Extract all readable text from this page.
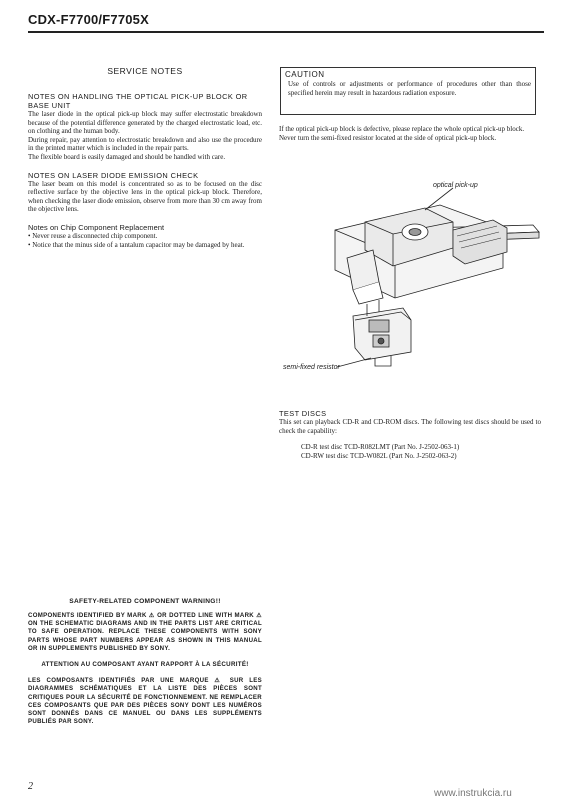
CDX-F7700/F7705X

SERVICE NOTES

NOTES ON HANDLING THE OPTICAL PICK-UP BLOCK OR BASE UNIT

The laser diode in the optical pick-up block may suffer electrostatic breakdown because of the potential difference generated by the charged electrostatic load, etc. on clothing and the human body.

During repair, pay attention to electrostatic breakdown and also use the procedure in the printed matter which is included in the repair parts.

The flexible board is easily damaged and should be handled with care.

NOTES ON LASER DIODE EMISSION CHECK

The laser beam on this model is concentrated so as to be focused on the disc reflective surface by the objective lens in the optical pick-up block. Therefore, when checking the laser diode emission, observe from more than 30 cm away from the objective lens.

Notes on Chip Component Replacement

• Never reuse a disconnected chip component.

• Notice that the minus side of a tantalum capacitor may be damaged by heat.

CAUTION

Use of controls or adjustments or performance of procedures other than those specified herein may result in hazardous radiation exposure.

If the optical pick-up block is defective, please replace the whole optical pick-up block.

Never turn the semi-fixed resistor located at the side of optical pick-up block.

optical pick-up
semi-fixed resistor

TEST DISCS

This set can playback CD-R and CD-ROM discs. The following test discs should be used to check the capability:

CD-R test disc TCD-R082LMT (Part No. J-2502-063-1)

CD-RW test disc TCD-W082L (Part No. J-2502-063-2)

SAFETY-RELATED COMPONENT WARNING!!

COMPONENTS IDENTIFIED BY MARK ⚠ OR DOTTED LINE WITH MARK ⚠ ON THE SCHEMATIC DIAGRAMS AND IN THE PARTS LIST ARE CRITICAL TO SAFE OPERATION. REPLACE THESE COMPONENTS WITH SONY PARTS WHOSE PART NUMBERS APPEAR AS SHOWN IN THIS MANUAL OR IN SUPPLEMENTS PUBLISHED BY SONY.

ATTENTION AU COMPOSANT AYANT RAPPORT À LA SÉCURITÉ!

LES COMPOSANTS IDENTIFIÉS PAR UNE MARQUE ⚠ SUR LES DIAGRAMMES SCHÉMATIQUES ET LA LISTE DES PIÈCES SONT CRITIQUES POUR LA SÉCURITÉ DE FONCTIONNEMENT. NE REMPLACER CES COMPOSANTS QUE PAR DES PIÈCES SONY DONT LES NUMÉROS SONT DONNÉS DANS CE MANUEL OU DANS LES SUPPLÉMENTS PUBLIÉS PAR SONY.

2
www.instrukcia.ru
